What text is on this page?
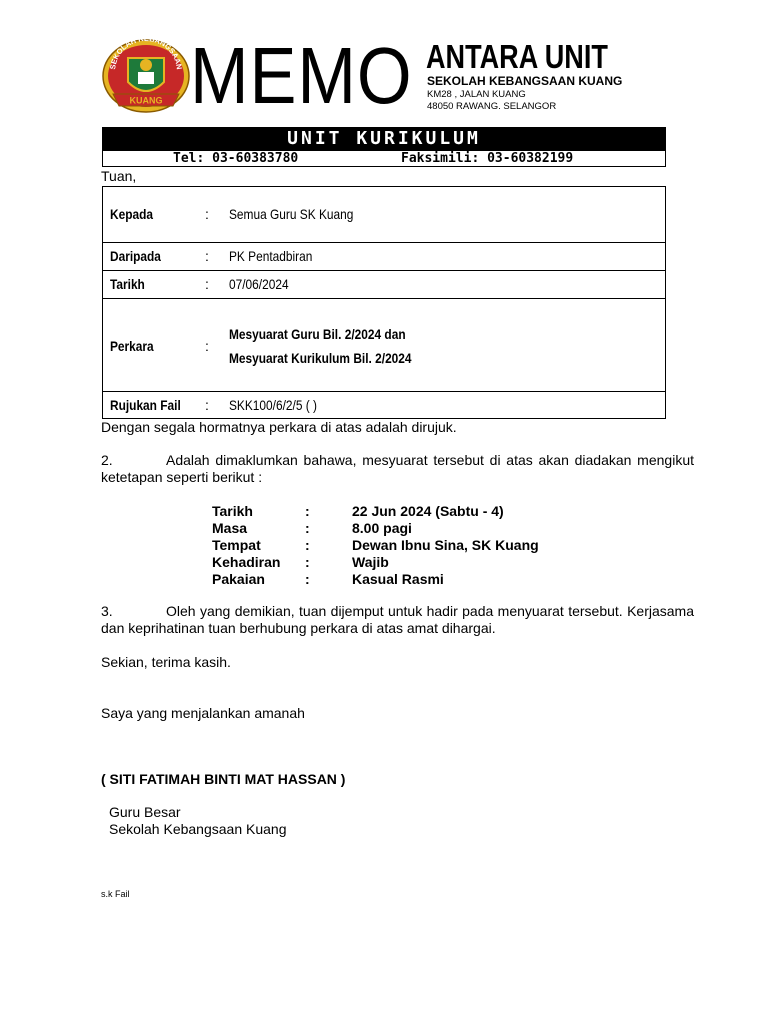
SEKOLAH KEBANGSAAN
KUANG MEMO ANTARA UNIT
SEKOLAH KEBANGSAAN KUANG
KM28 , JALAN KUANG
48050 RAWANG. SELANGOR
UNIT KURIKULUM
Tel: 03-60383780	Faksimili: 03-60382199
Tuan,
Kepada	: Semua Guru SK Kuang
Daripada	: PK Pentadbiran
Tarikh	: 07/06/2024
Perkara	:
Mesyuarat Guru Bil. 2/2024 dan
Mesyuarat Kurikulum Bil. 2/2024
Rujukan Fail : SKK100/6/2/5 ( )
Dengan segala hormatnya perkara di atas adalah dirujuk.
2.	Adalah dimaklumkan bahawa, mesyuarat tersebut di atas akan diadakan mengikut ketetapan seperti berikut :
Tarikh	:	22 Jun 2024 (Sabtu - 4)
Masa	:	8.00 pagi
Tempat	:	Dewan Ibnu Sina, SK Kuang
Kehadiran :	Wajib
Pakaian	:	Kasual Rasmi
3.	Oleh yang demikian, tuan dijemput untuk hadir pada menyuarat tersebut. Kerjasama dan keprihatinan tuan berhubung perkara di atas amat dihargai.
Sekian, terima kasih.
Saya yang menjalankan amanah
( SITI FATIMAH BINTI MAT HASSAN )
Guru Besar
Sekolah Kebangsaan Kuang
s.k Fail
